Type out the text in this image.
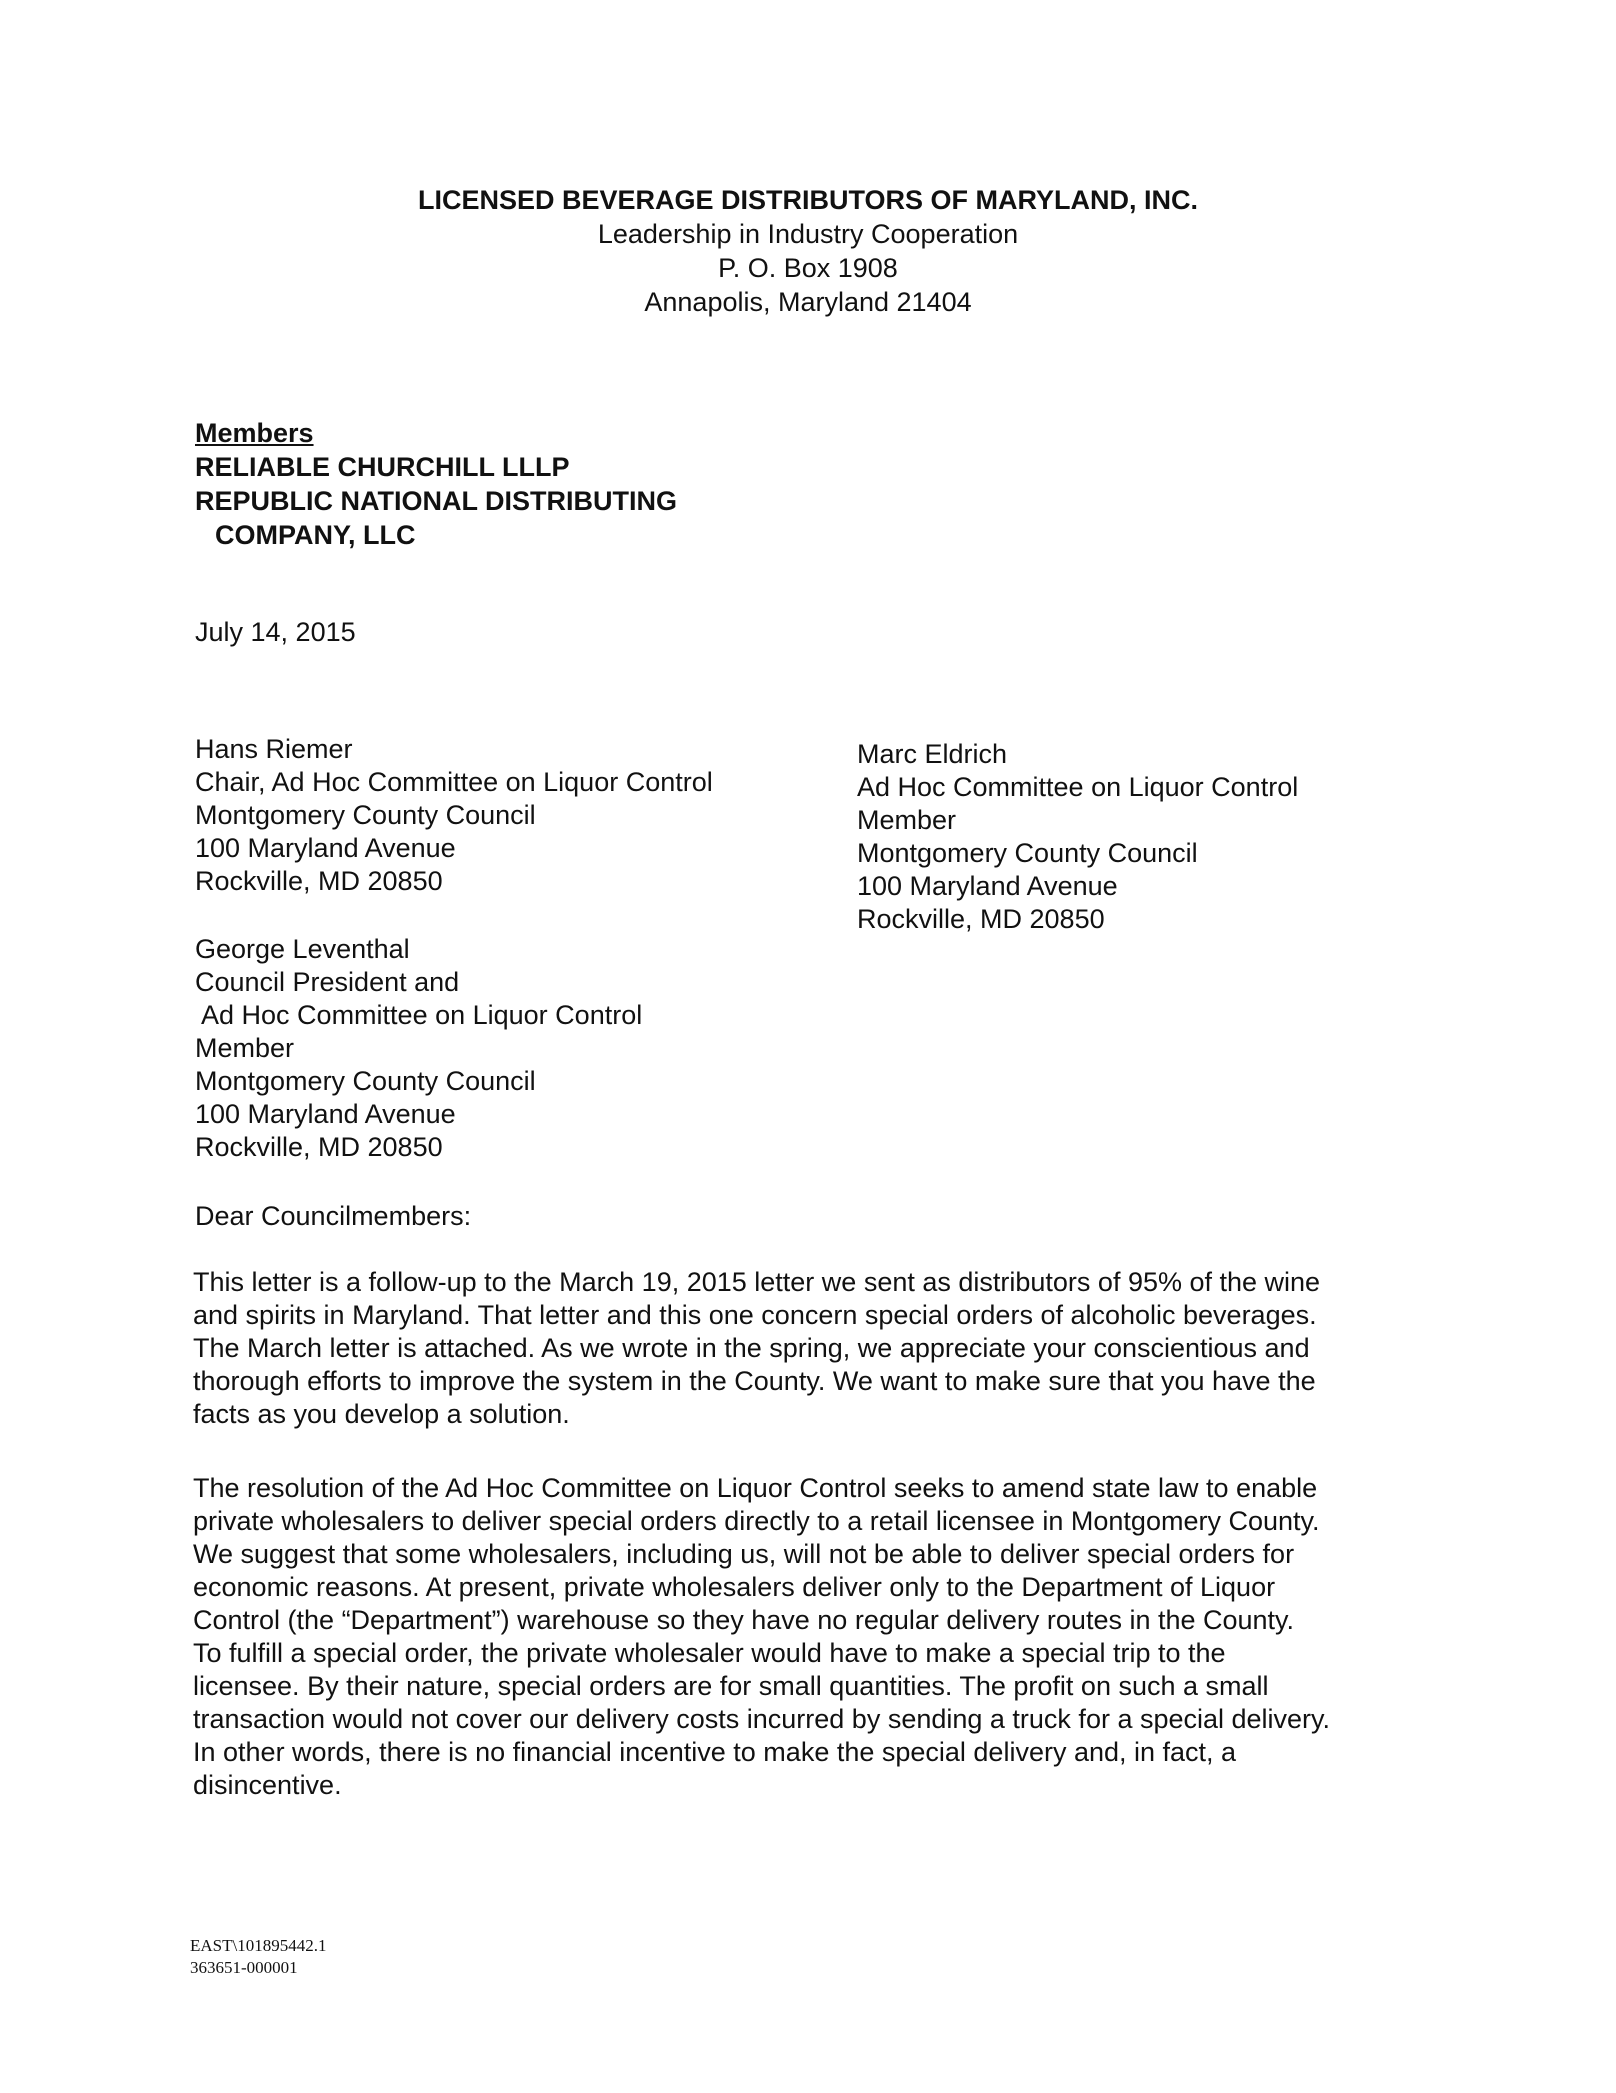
LICENSED BEVERAGE DISTRIBUTORS OF MARYLAND, INC.
Leadership in Industry Cooperation
P. O. Box 1908
Annapolis, Maryland 21404
Members
RELIABLE CHURCHILL LLLP
REPUBLIC NATIONAL DISTRIBUTING
COMPANY, LLC
July 14, 2015
Hans Riemer
Chair, Ad Hoc Committee on Liquor Control
Montgomery County Council
100 Maryland Avenue
Rockville, MD 20850
George Leventhal
Council President and
Ad Hoc Committee on Liquor Control
Member
Montgomery County Council
100 Maryland Avenue
Rockville, MD 20850
Marc Eldrich
Ad Hoc Committee on Liquor Control
Member
Montgomery County Council
100 Maryland Avenue
Rockville, MD 20850
Dear Councilmembers:
This letter is a follow-up to the March 19, 2015 letter we sent as distributors of 95% of the wine
and spirits in Maryland. That letter and this one concern special orders of alcoholic beverages.
The March letter is attached. As we wrote in the spring, we appreciate your conscientious and
thorough efforts to improve the system in the County. We want to make sure that you have the
facts as you develop a solution.
The resolution of the Ad Hoc Committee on Liquor Control seeks to amend state law to enable
private wholesalers to deliver special orders directly to a retail licensee in Montgomery County.
We suggest that some wholesalers, including us, will not be able to deliver special orders for
economic reasons. At present, private wholesalers deliver only to the Department of Liquor
Control (the “Department”) warehouse so they have no regular delivery routes in the County.
To fulfill a special order, the private wholesaler would have to make a special trip to the
licensee. By their nature, special orders are for small quantities. The profit on such a small
transaction would not cover our delivery costs incurred by sending a truck for a special delivery.
In other words, there is no financial incentive to make the special delivery and, in fact, a
disincentive.
EAST\101895442.1
363651-000001
